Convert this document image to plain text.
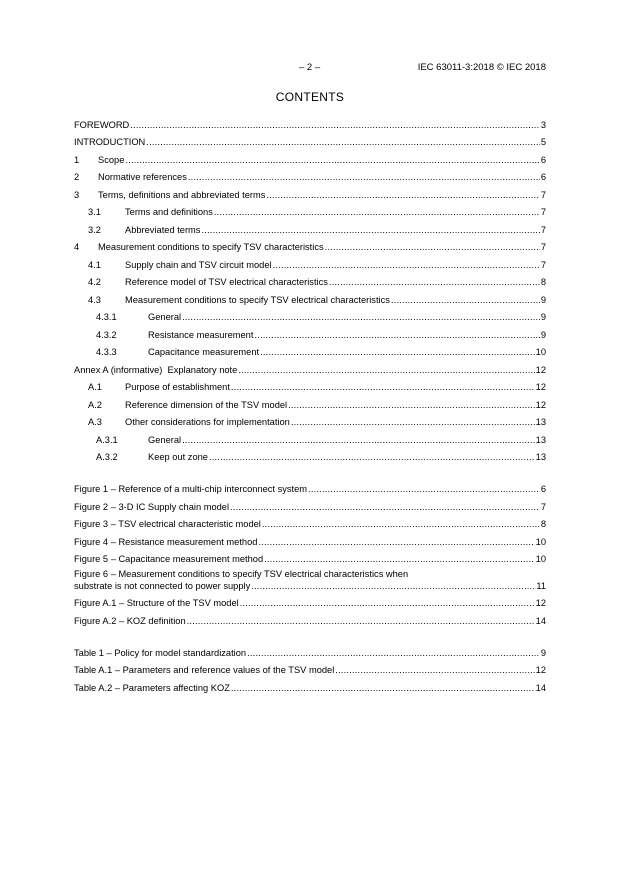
– 2 –	IEC 63011-3:2018 © IEC 2018
CONTENTS
FOREWORD .....	3
INTRODUCTION .....	5
1	Scope .....	6
2	Normative references .....	6
3	Terms, definitions and abbreviated terms .....	7
3.1	Terms and definitions .....	7
3.2	Abbreviated terms .....	7
4	Measurement conditions to specify TSV characteristics .....	7
4.1	Supply chain and TSV circuit model .....	7
4.2	Reference model of TSV electrical characteristics .....	8
4.3	Measurement conditions to specify TSV electrical characteristics .....	9
4.3.1	General .....	9
4.3.2	Resistance measurement .....	9
4.3.3	Capacitance measurement .....	10
Annex A (informative)  Explanatory note .....	12
A.1	Purpose of establishment .....	12
A.2	Reference dimension of the TSV model .....	12
A.3	Other considerations for implementation .....	13
A.3.1	General .....	13
A.3.2	Keep out zone .....	13
Figure 1 – Reference of a multi-chip interconnect system .....	6
Figure 2 – 3-D IC Supply chain model .....	7
Figure 3 – TSV electrical characteristic model .....	8
Figure 4 – Resistance measurement method .....	10
Figure 5 – Capacitance measurement method .....	10
Figure 6 – Measurement conditions to specify TSV electrical characteristics when
substrate is not connected to power supply .....	11
Figure A.1 – Structure of the TSV model .....	12
Figure A.2 – KOZ definition .....	14
Table 1 – Policy for model standardization .....	9
Table A.1 – Parameters and reference values of the TSV model .....	12
Table A.2 – Parameters affecting KOZ .....	14
